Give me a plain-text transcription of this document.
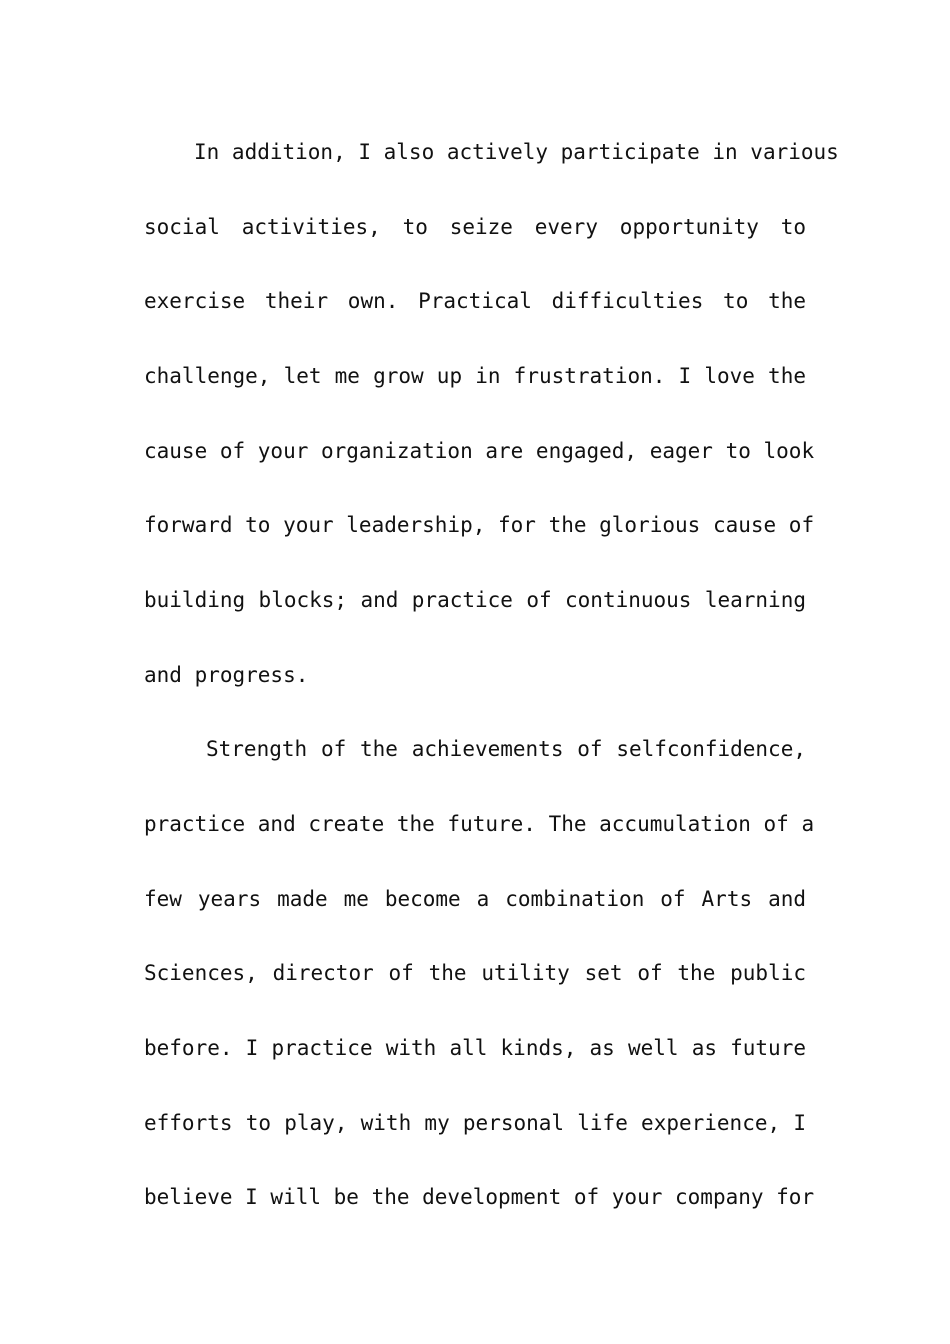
In addition, I also actively participate in various
social activities, to seize every opportunity to
exercise their own. Practical difficulties to the
challenge, let me grow up in frustration. I love the
cause of your organization are engaged, eager to look
forward to your leadership, for the glorious cause of
building blocks; and practice of continuous learning
and progress.
Strength of the achievements of selfconfidence,
practice and create the future. The accumulation of a
few years made me become a combination of Arts and
Sciences, director of the utility set of the public
before. I practice with all kinds, as well as future
efforts to play, with my personal life experience, I
believe I will be the development of your company for
